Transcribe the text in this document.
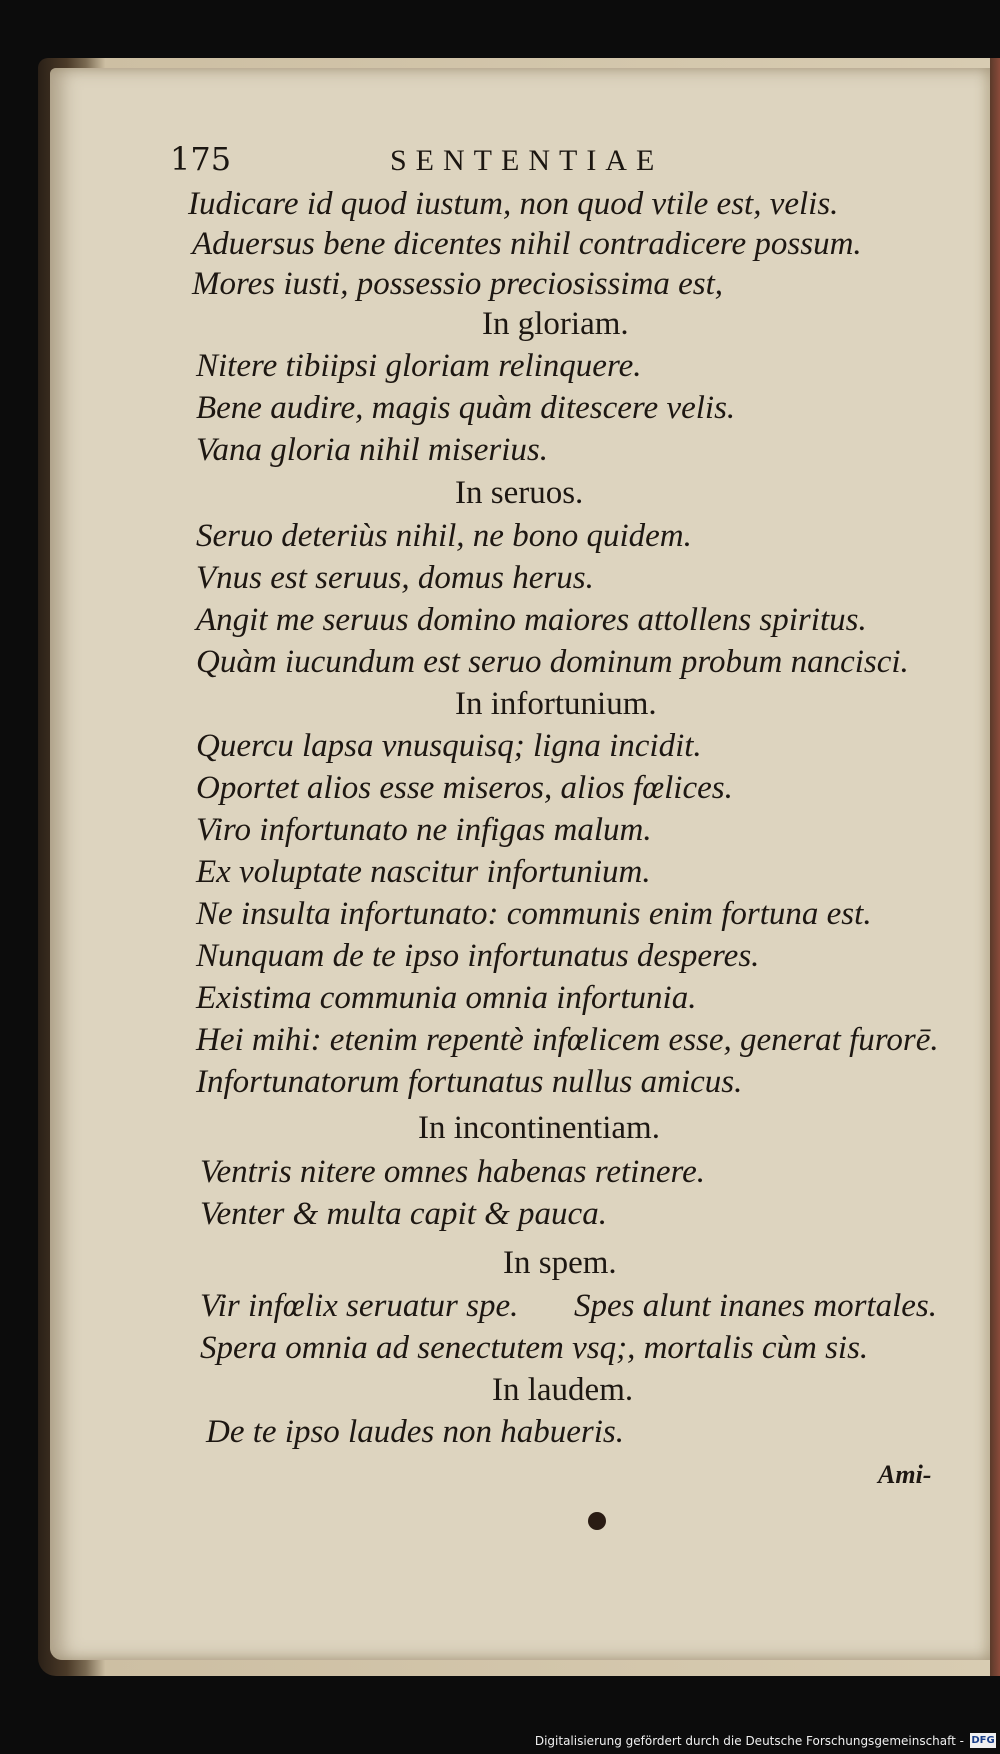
175	SENTENTIAE
Iudicare id quod iustum, non quod vtile est, velis.
Aduersus bene dicentes nihil contradicere possum.
Mores iusti, possessio preciosissima est,
In gloriam.
Nitere tibiipsi gloriam relinquere.
Bene audire, magis quàm ditescere velis.
Vana gloria nihil miserius.
In seruos.
Seruo deteriùs nihil, ne bono quidem.
Vnus est seruus, domus herus.
Angit me seruus domino maiores attollens spiritus.
Quàm iucundum est seruo dominum probum nancisci.
In infortunium.
Quercu lapsa vnusquisq; ligna incidit.
Oportet alios esse miseros, alios fœlices.
Viro infortunato ne infigas malum.
Ex voluptate nascitur infortunium.
Ne insulta infortunato: communis enim fortuna est.
Nunquam de te ipso infortunatus desperes.
Existima communia omnia infortunia.
Hei mihi: etenim repentè infœlicem esse, generat furorē.
Infortunatorum fortunatus nullus amicus.
In incontinentiam.
Ventris nitere omnes habenas retinere.
Venter & multa capit & pauca.
In spem.
Vir infœlix seruatur spe. Spes alunt inanes mortales.
Spera omnia ad senectutem vsq;, mortalis cùm sis.
In laudem.
De te ipso laudes non habueris.
Ami-
Digitalisierung gefördert durch die Deutsche Forschungsgemeinschaft - DFG
